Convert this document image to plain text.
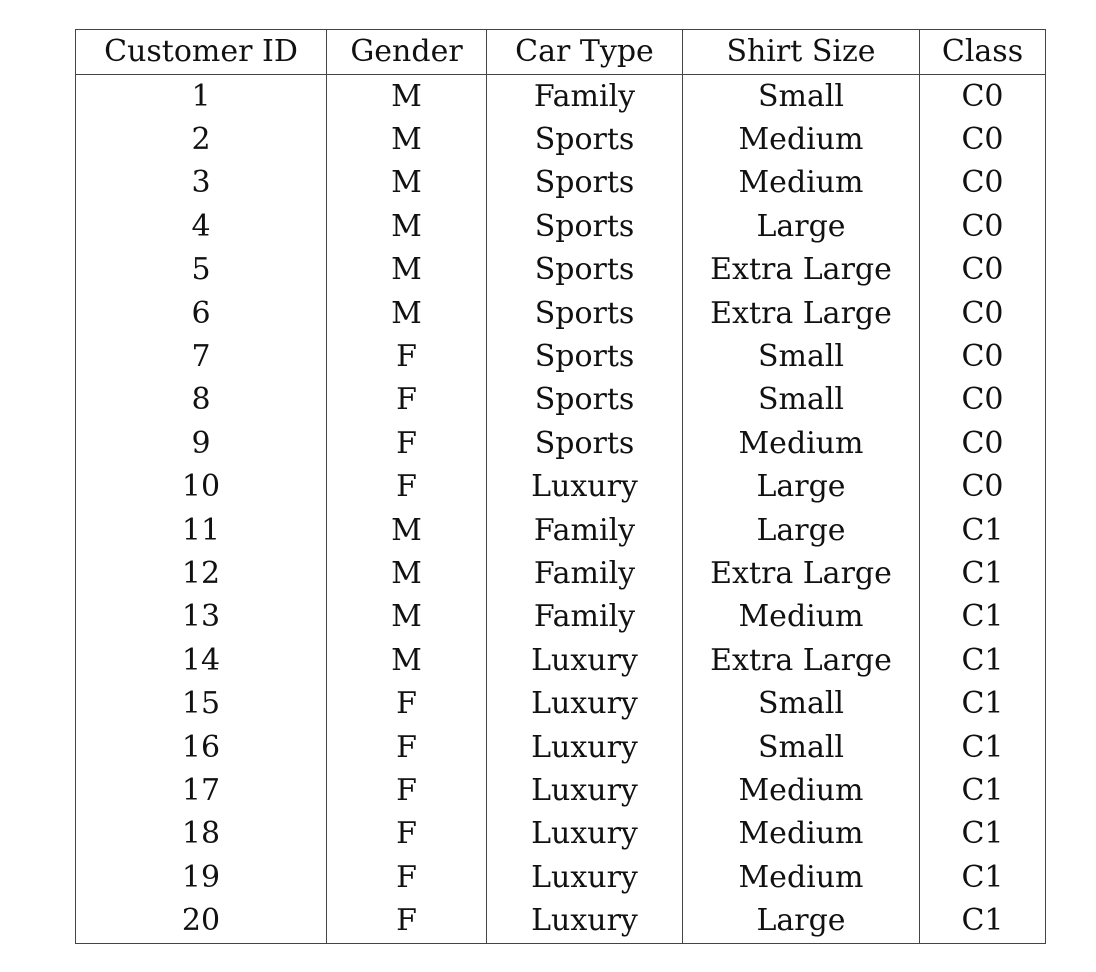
Customer ID	Gender	Car Type	Shirt Size	Class
1	M	Family	Small	C0
2	M	Sports	Medium	C0
3	M	Sports	Medium	C0
4	M	Sports	Large	C0
5	M	Sports	Extra Large	C0
6	M	Sports	Extra Large	C0
7	F	Sports	Small	C0
8	F	Sports	Small	C0
9	F	Sports	Medium	C0
10	F	Luxury	Large	C0
11	M	Family	Large	C1
12	M	Family	Extra Large	C1
13	M	Family	Medium	C1
14	M	Luxury	Extra Large	C1
15	F	Luxury	Small	C1
16	F	Luxury	Small	C1
17	F	Luxury	Medium	C1
18	F	Luxury	Medium	C1
19	F	Luxury	Medium	C1
20	F	Luxury	Large	C1
